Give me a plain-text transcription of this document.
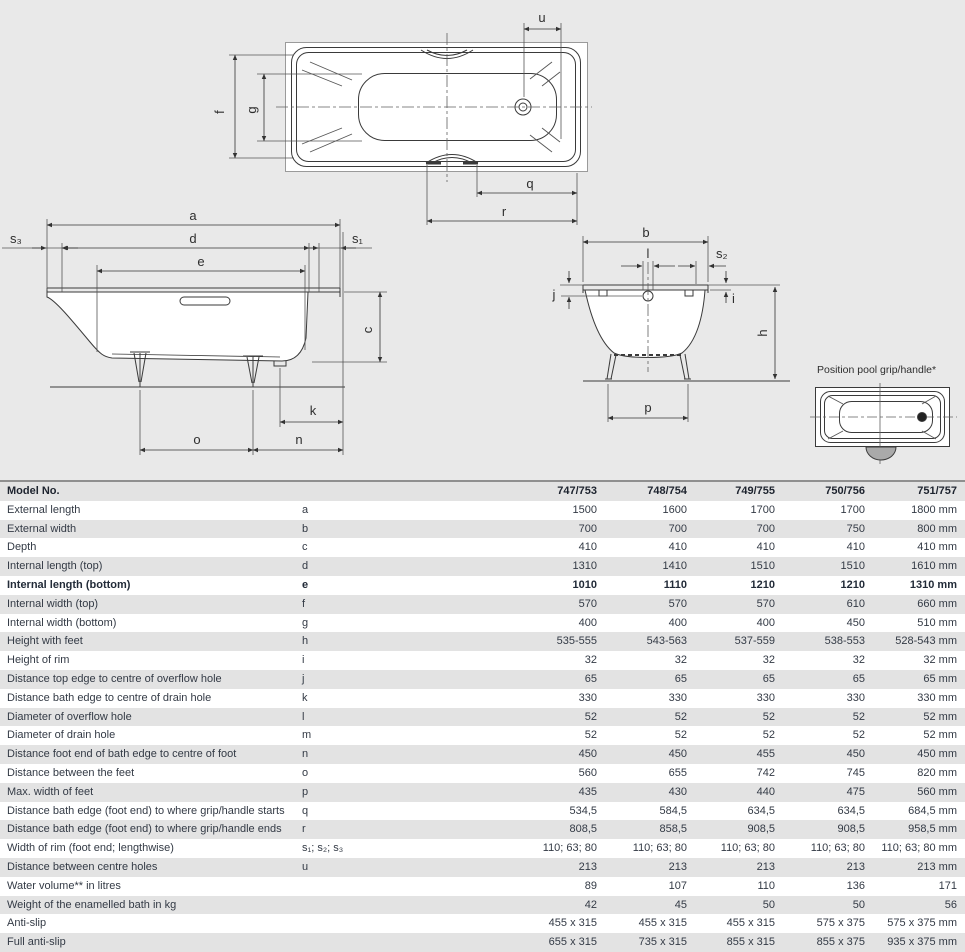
u
f g
q
r
a
d
e
s₃	s₁
c
k
o	n
b
l	s₂
j	i
h
p
Position pool grip/handle*
Model No.		747/753	748/754	749/755	750/756	751/757
External length	a	1500	1600	1700	1700	1800 mm
External width	b	700	700	700	750	800 mm
Depth	c	410	410	410	410	410 mm
Internal length (top)	d	1310	1410	1510	1510	1610 mm
Internal length (bottom)	e	1010	1110	1210	1210	1310 mm
Internal width (top)	f	570	570	570	610	660 mm
Internal width (bottom)	g	400	400	400	450	510 mm
Height with feet	h	535-555	543-563	537-559	538-553	528-543 mm
Height of rim	i	32	32	32	32	32 mm
Distance top edge to centre of overflow hole	j	65	65	65	65	65 mm
Distance bath edge to centre of drain hole	k	330	330	330	330	330 mm
Diameter of overflow hole	l	52	52	52	52	52 mm
Diameter of drain hole	m	52	52	52	52	52 mm
Distance foot end of bath edge to centre of foot	n	450	450	455	450	450 mm
Distance between the feet	o	560	655	742	745	820 mm
Max. width of feet	p	435	430	440	475	560 mm
Distance bath edge (foot end) to where grip/handle starts	q	534,5	584,5	634,5	634,5	684,5 mm
Distance bath edge (foot end) to where grip/handle ends	r	808,5	858,5	908,5	908,5	958,5 mm
Width of rim (foot end; lengthwise)	s₁; s₂; s₃	110; 63; 80	110; 63; 80	110; 63; 80	110; 63; 80	110; 63; 80 mm
Distance between centre holes	u	213	213	213	213	213 mm
Water volume** in litres		89	107	110	136	171
Weight of the enamelled bath in kg		42	45	50	50	56
Anti-slip		455 x 315	455 x 315	455 x 315	575 x 375	575 x 375 mm
Full anti-slip		655 x 315	735 x 315	855 x 315	855 x 375	935 x 375 mm
